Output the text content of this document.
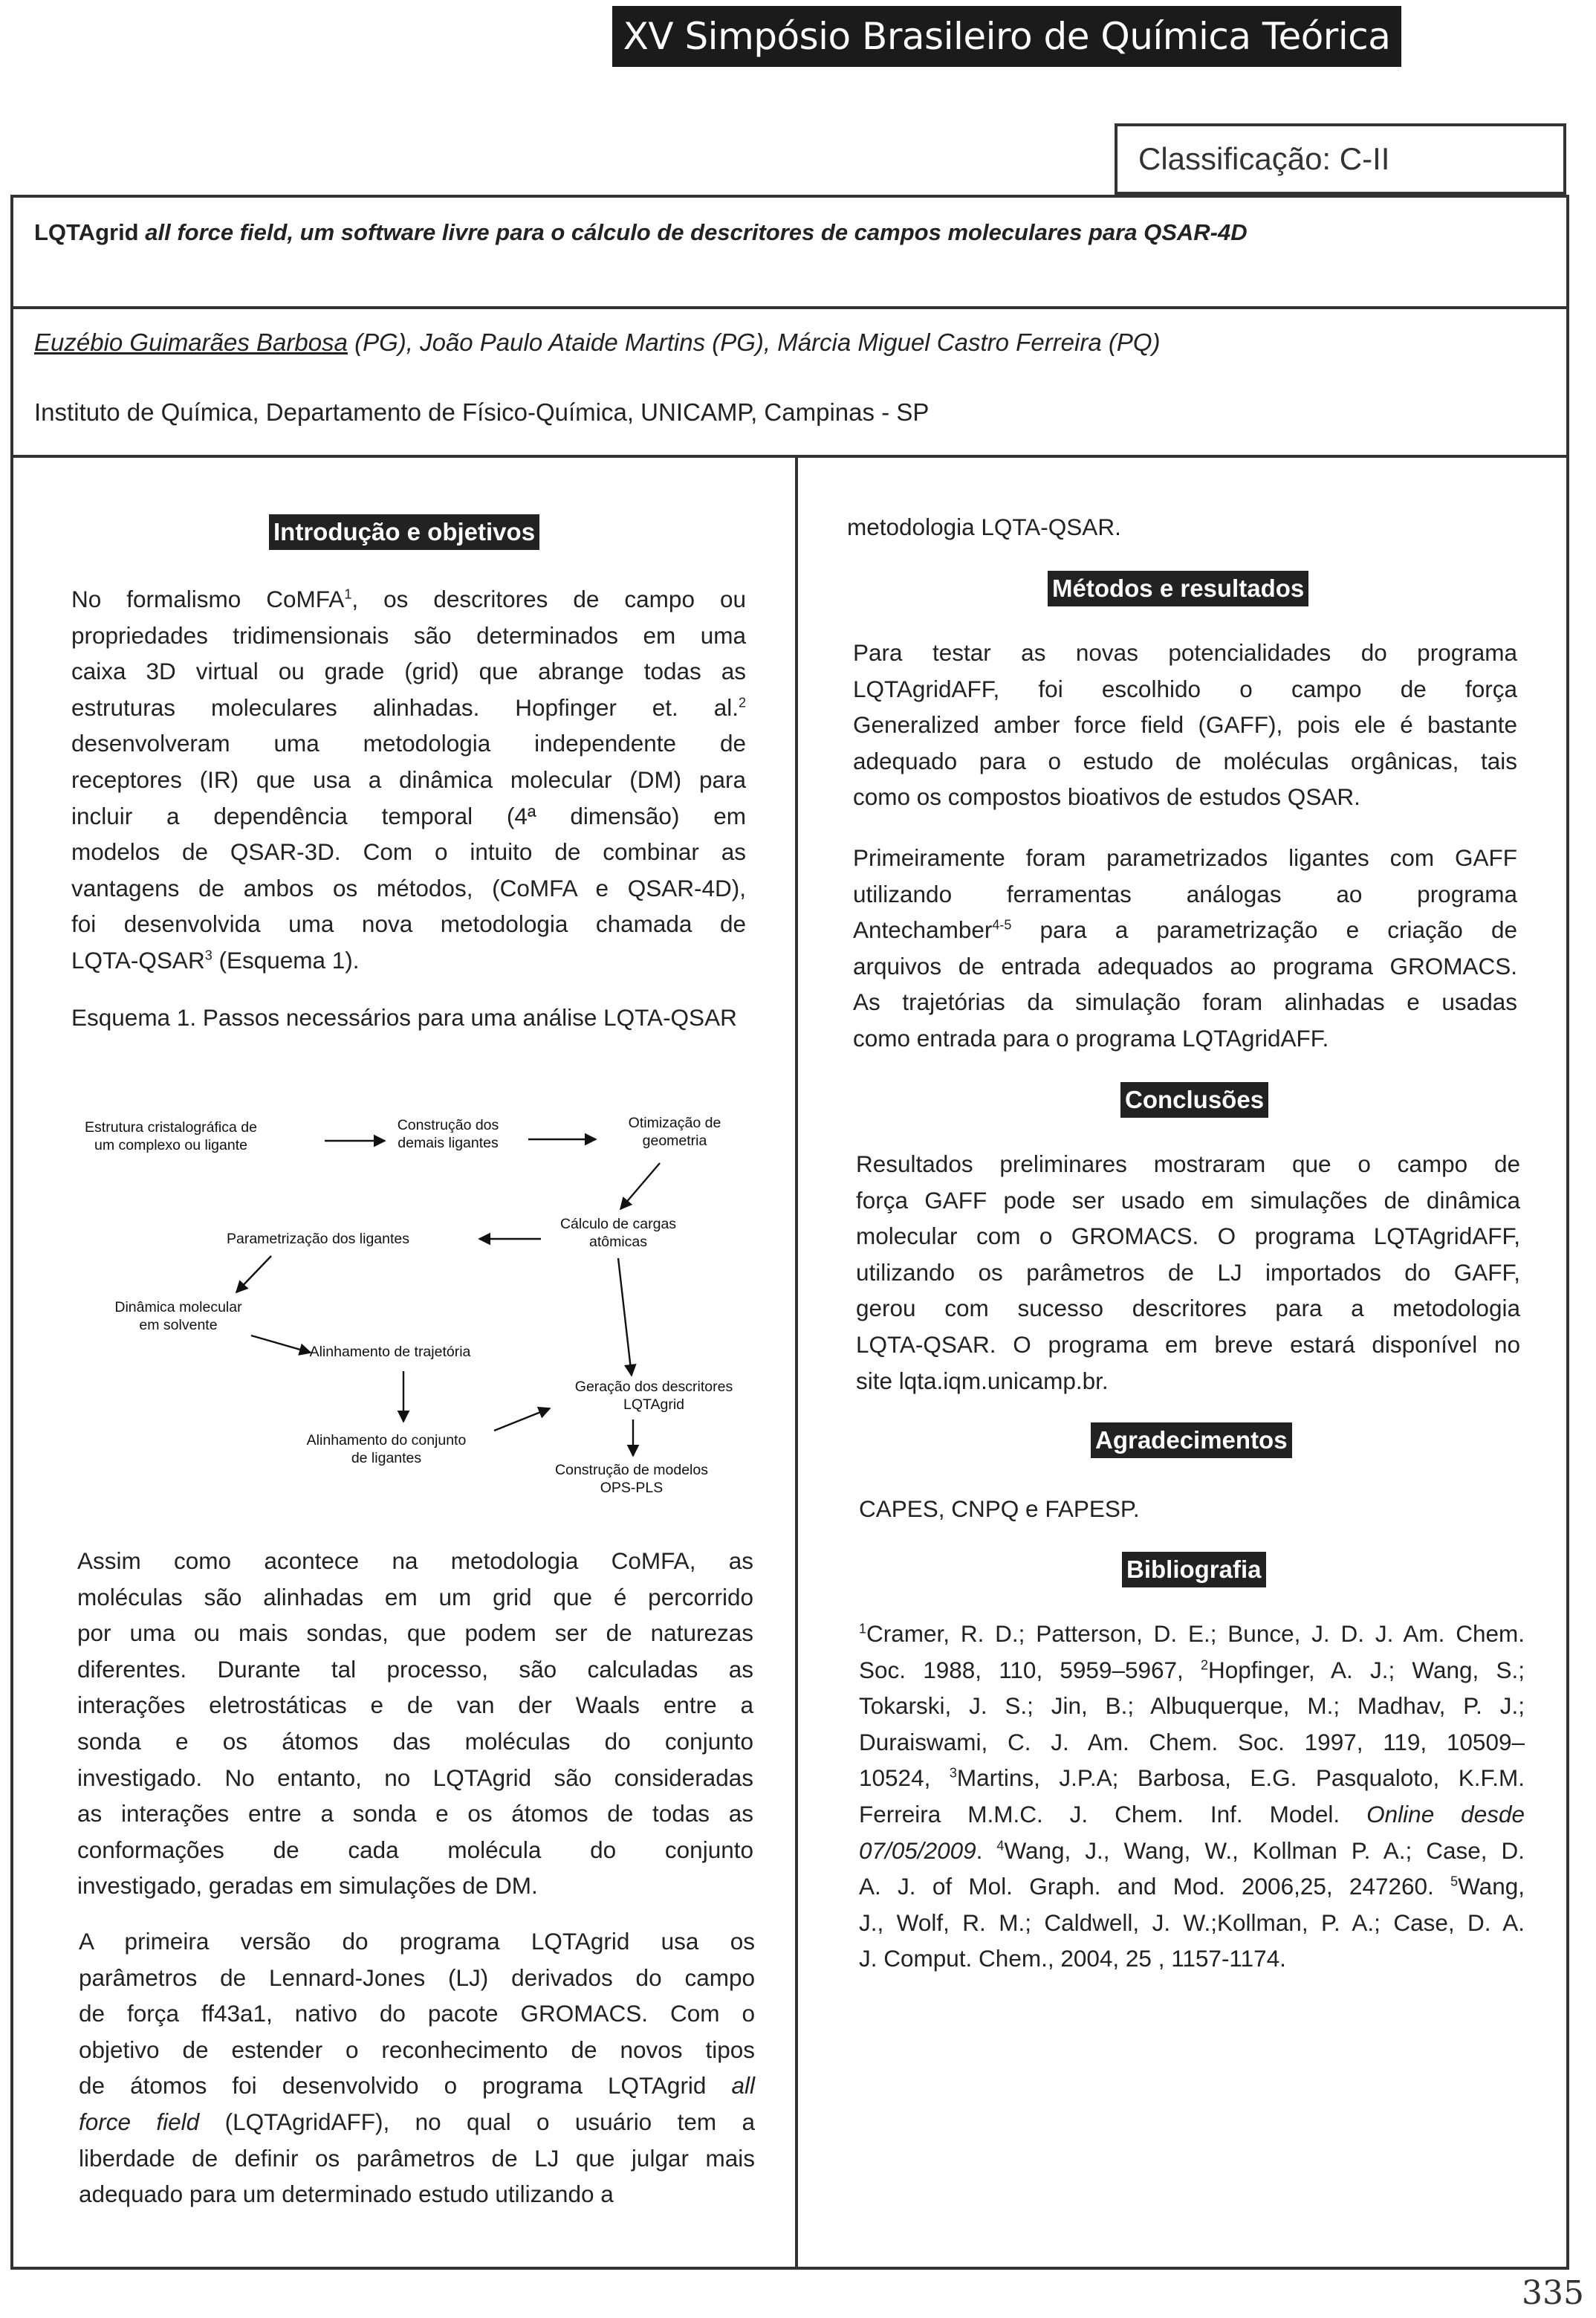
XV Simpósio Brasileiro de Química Teórica
Classificação: C-II
LQTAgrid all force field, um software livre para o cálculo de descritores de campos moleculares para QSAR-4D
Euzébio Guimarães Barbosa (PG), João Paulo Ataide Martins (PG), Márcia Miguel Castro Ferreira (PQ)
Instituto de Química, Departamento de Físico-Química, UNICAMP, Campinas - SP
Introdução e objetivos
No formalismo CoMFA$^1$, os descritores de campo ou
propriedades tridimensionais são determinados em uma
caixa 3D virtual ou grade (grid) que abrange todas as
estruturas moleculares alinhadas. Hopfinger et. al.$^2$
desenvolveram uma metodologia independente de
receptores (IR) que usa a dinâmica molecular (DM) para
incluir a dependência temporal (4ª dimensão) em
modelos de QSAR-3D. Com o intuito de combinar as
vantagens de ambos os métodos, (CoMFA e QSAR-4D),
foi desenvolvida uma nova metodologia chamada de
LQTA-QSAR$^3$ (Esquema 1).
Esquema 1. Passos necessários para uma análise LQTA-QSAR
Estrutura cristalográfica de
um complexo ou ligante
Construção dos
demais ligantes
Otimização de
geometria
Cálculo de cargas
atômicas
Parametrização dos ligantes
Dinâmica molecular
em solvente
Alinhamento de trajetória
Geração dos descritores
LQTAgrid
Alinhamento do conjunto
de ligantes
Construção de modelos
OPS-PLS
Assim como acontece na metodologia CoMFA, as
moléculas são alinhadas em um grid que é percorrido
por uma ou mais sondas, que podem ser de naturezas
diferentes. Durante tal processo, são calculadas as
interações eletrostáticas e de van der Waals entre a
sonda e os átomos das moléculas do conjunto
investigado. No entanto, no LQTAgrid são consideradas
as interações entre a sonda e os átomos de todas as
conformações de cada molécula do conjunto
investigado, geradas em simulações de DM.
A primeira versão do programa LQTAgrid usa os
parâmetros de Lennard-Jones (LJ) derivados do campo
de força ff43a1, nativo do pacote GROMACS. Com o
objetivo de estender o reconhecimento de novos tipos
de átomos foi desenvolvido o programa LQTAgrid all
force field (LQTAgridAFF), no qual o usuário tem a
liberdade de definir os parâmetros de LJ que julgar mais
adequado para um determinado estudo utilizando a
metodologia LQTA-QSAR.
Métodos e resultados
Para testar as novas potencialidades do programa
LQTAgridAFF, foi escolhido o campo de força
Generalized amber force field (GAFF), pois ele é bastante
adequado para o estudo de moléculas orgânicas, tais
como os compostos bioativos de estudos QSAR.
Primeiramente foram parametrizados ligantes com GAFF
utilizando ferramentas análogas ao programa
Antechamber$^{4-5}$ para a parametrização e criação de
arquivos de entrada adequados ao programa GROMACS.
As trajetórias da simulação foram alinhadas e usadas
como entrada para o programa LQTAgridAFF.
Conclusões
Resultados preliminares mostraram que o campo de
força GAFF pode ser usado em simulações de dinâmica
molecular com o GROMACS. O programa LQTAgridAFF,
utilizando os parâmetros de LJ importados do GAFF,
gerou com sucesso descritores para a metodologia
LQTA-QSAR. O programa em breve estará disponível no
site lqta.iqm.unicamp.br.
Agradecimentos
CAPES, CNPQ e FAPESP.
Bibliografia
$^1$Cramer, R. D.; Patterson, D. E.; Bunce, J. D. J. Am. Chem.
Soc. 1988, 110, 5959–5967, $^2$Hopfinger, A. J.; Wang, S.;
Tokarski, J. S.; Jin, B.; Albuquerque, M.; Madhav, P. J.;
Duraiswami, C. J. Am. Chem. Soc. 1997, 119, 10509–
10524, $^3$Martins, J.P.A; Barbosa, E.G. Pasqualoto, K.F.M.
Ferreira M.M.C. J. Chem. Inf. Model. Online desde
07/05/2009. $^4$Wang, J., Wang, W., Kollman P. A.; Case, D.
A. J. of Mol. Graph. and Mod. 2006,25, 247260. $^5$Wang,
J., Wolf, R. M.; Caldwell, J. W.;Kollman, P. A.; Case, D. A.
J. Comput. Chem., 2004, 25 , 1157-1174.
335
